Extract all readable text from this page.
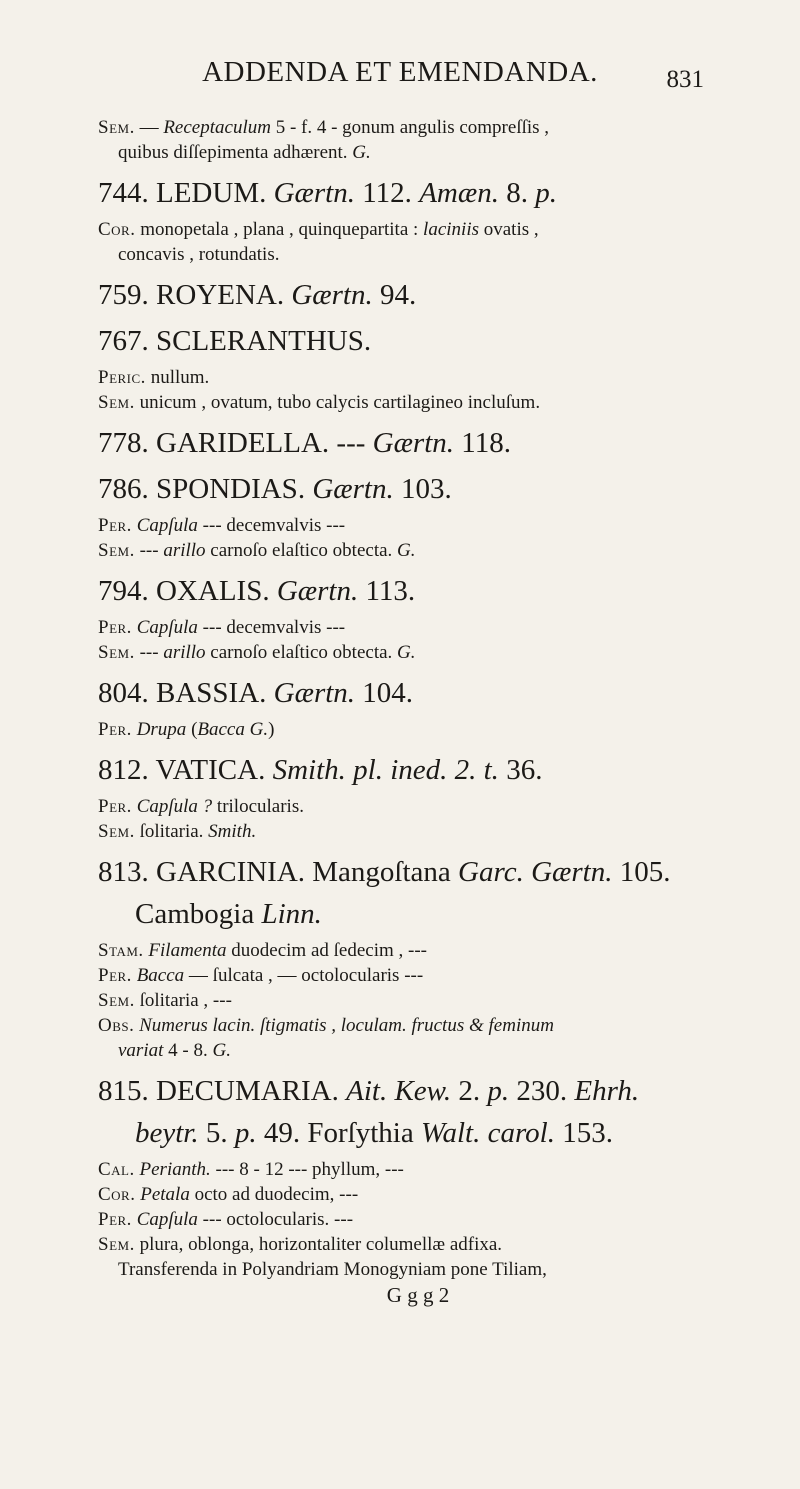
ADDENDA ET EMENDANDA.	831
Sem. — Receptaculum 5 - f. 4 - gonum angulis compreſſis ,
quibus diſſepimenta adhærent. G.
744. LEDUM. Gærtn. 112. Amæn. 8. p.
Cor. monopetala , plana , quinquepartita : laciniis ovatis ,
concavis , rotundatis.
759. ROYENA. Gærtn. 94.
767. SCLERANTHUS.
Peric. nullum.
Sem. unicum , ovatum, tubo calycis cartilagineo incluſum.
778. GARIDELLA. --- Gærtn. 118.
786. SPONDIAS. Gærtn. 103.
Per. Capſula --- decemvalvis ---
Sem. --- arillo carnoſo elaſtico obtecta. G.
794. OXALIS. Gærtn. 113.
Per. Capſula --- decemvalvis ---
Sem. --- arillo carnoſo elaſtico obtecta. G.
804. BASSIA. Gærtn. 104.
Per. Drupa (Bacca G.)
812. VATICA. Smith. pl. ined. 2. t. 36.
Per. Capſula ? trilocularis.
Sem. ſolitaria. Smith.
813. GARCINIA. Mangoſtana Garc. Gærtn. 105.
Cambogia Linn.
Stam. Filamenta duodecim ad ſedecim , ---
Per. Bacca — ſulcata , — octolocularis ---
Sem. ſolitaria , ---
Obs. Numerus lacin. ſtigmatis , loculam. fructus & feminum
variat 4 - 8. G.
815. DECUMARIA. Ait. Kew. 2. p. 230. Ehrh.
beytr. 5. p. 49. Forſythia Walt. carol. 153.
Cal. Perianth. --- 8 - 12 --- phyllum, ---
Cor. Petala octo ad duodecim, ---
Per. Capſula --- octolocularis. ---
Sem. plura, oblonga, horizontaliter columellæ adfixa.
Transferenda in Polyandriam Monogyniam pone Tiliam,
G g g 2
